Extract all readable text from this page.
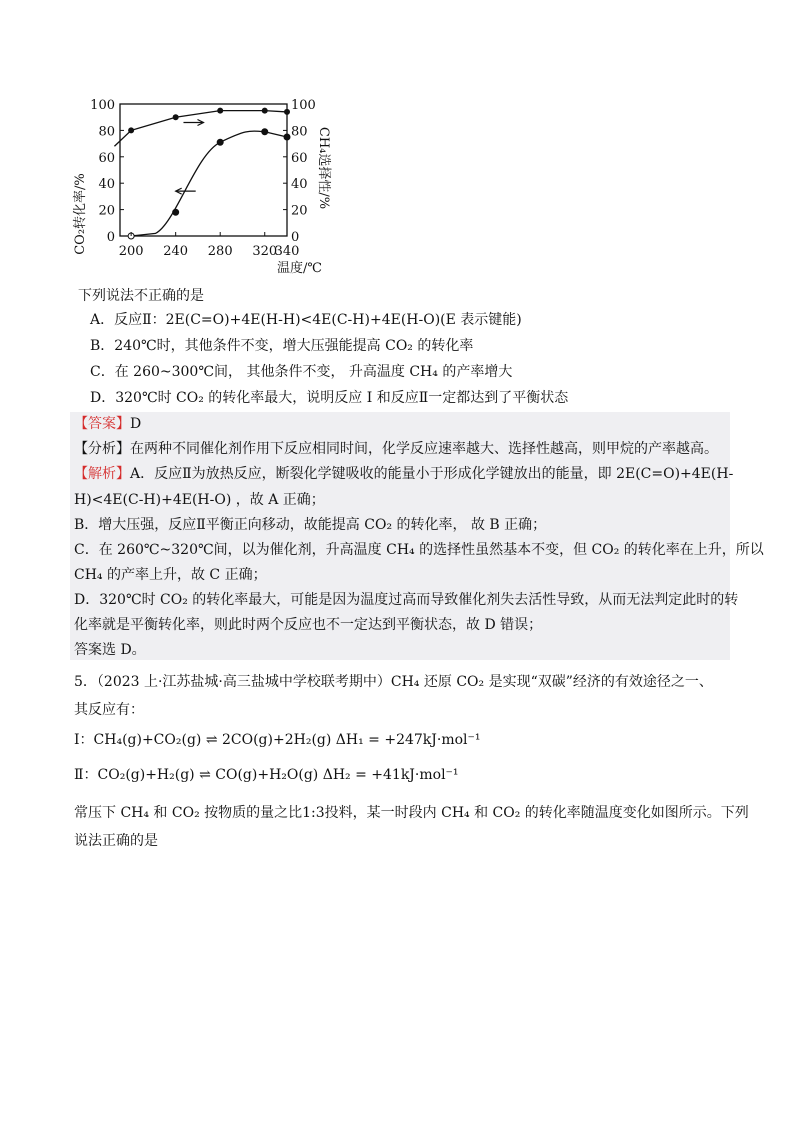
0	0
20	20
40	40
60	60
80	80
100	100
200 240 280 320
340
温度/℃
CO₂转化率/%
CH₄选择性/%
下列说法不正确的是
A．反应Ⅱ：2E(C=O)+4E(H-H)<4E(C-H)+4E(H-O)(E 表示键能)
B．240℃时，其他条件不变，增大压强能提高 CO₂ 的转化率
C．在 260~300℃间， 其他条件不变， 升高温度 CH₄ 的产率增大
D．320℃时 CO₂ 的转化率最大，说明反应 I 和反应Ⅱ一定都达到了平衡状态
【答案】D
【分析】在两种不同催化剂作用下反应相同时间，化学反应速率越大、选择性越高，则甲烷的产率越高。
【解析】A．反应Ⅱ为放热反应，断裂化学键吸收的能量小于形成化学键放出的能量，即 2E(C=O)+4E(H-
H)<4E(C-H)+4E(H-O) ，故 A 正确；
B．增大压强，反应Ⅱ平衡正向移动，故能提高 CO₂ 的转化率， 故 B 正确；
C．在 260℃~320℃间，以为催化剂，升高温度 CH₄ 的选择性虽然基本不变，但 CO₂ 的转化率在上升，所以
CH₄ 的产率上升，故 C 正确；
D．320℃时 CO₂ 的转化率最大，可能是因为温度过高而导致催化剂失去活性导致，从而无法判定此时的转
化率就是平衡转化率，则此时两个反应也不一定达到平衡状态，故 D 错误；
答案选 D。
5．（2023 上·江苏盐城·高三盐城中学校联考期中）CH₄ 还原 CO₂ 是实现“双碳”经济的有效途径之一、
其反应有：
Ⅰ：CH₄(g)+CO₂(g) ⇌ 2CO(g)+2H₂(g) ΔH₁ = +247kJ·mol⁻¹
Ⅱ：CO₂(g)+H₂(g) ⇌ CO(g)+H₂O(g) ΔH₂ = +41kJ·mol⁻¹
常压下 CH₄ 和 CO₂ 按物质的量之比1:3投料，某一时段内 CH₄ 和 CO₂ 的转化率随温度变化如图所示。下列
说法正确的是
